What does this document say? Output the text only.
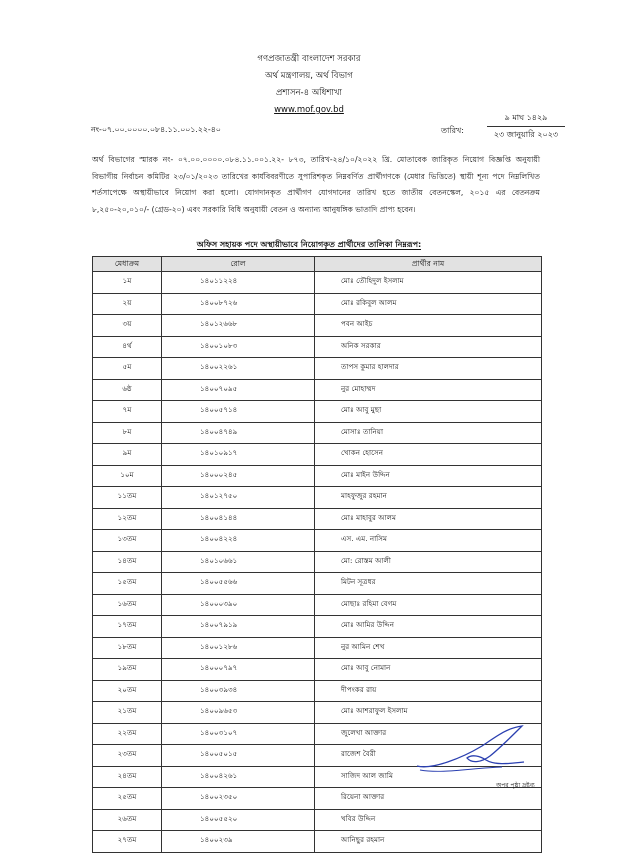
গণপ্রজাতন্ত্রী বাংলাদেশ সরকার
অর্থ মন্ত্রণালয়, অর্থ বিভাগ
প্রশাসন-৪ অধিশাখা
www.mof.gov.bd
নং-০৭.০০.০০০০.০৮৪.১১.০০১.২২-৪০	তারিখ:
৯ মাঘ ১৪২৯
২৩ জানুয়ারি ২০২৩
অর্থ বিভাগের স্মারক নং- ০৭.০০.০০০০.০৮৪.১১.০০১.২২- ৮৭৩, তারিখ-২৪/১০/২০২২ খ্রি. মোতাবেক জারিকৃত নিয়োগ বিজ্ঞপ্তি অনুযায়ী বিভাগীয় নির্বাচন কমিটির ২৩/০১/২০২৩ তারিখের কার্যবিবরণীতে সুপারিশকৃত নিম্নবর্ণিত প্রার্থীগণকে (মেধার ভিত্তিতে) স্থায়ী শূন্য পদে নিম্নলিখিত শর্তসাপেক্ষে অস্থায়ীভাবে নিয়োগ করা হলো। যোগদানকৃত প্রার্থীগণ যোগদানের তারিখ হতে জাতীয় বেতনস্কেল, ২০১৫ এর বেতনক্রম ৮,২৫০-২০,০১০/- (গ্রেড-২০) এবং সরকারি বিধি অনুযায়ী বেতন ও অন্যান্য আনুষঙ্গিক ভাতাদি প্রাপ্য হবেন।
অফিস সহায়ক পদে অস্থায়ীভাবে নিয়োগকৃত প্রার্থীদের তালিকা নিম্নরূপ:
মেধাক্রম	রোল	প্রার্থীর নাম
১ম	১৪০১১২২৪	মোঃ তৌহিদুল ইসলাম
২য়	১৪০০৮৭২৬	মোঃ রকিবুল আলম
৩য়	১৪০১২৬৬৮	পবন আইচ
৪র্থ	১৪০০১০৮৩	অনিক সরকার
৫ম	১৪০০২২৬১	তাপস কুমার হালদার
৬ষ্ঠ	১৪০০৭০৯৫	নুর মোহাম্মদ
৭ম	১৪০০৫৭১৪	মোঃ আবু মুছা
৮ম	১৪০০৪৭৪৯	মোসাঃ তানিয়া
৯ম	১৪০১০৯১৭	খোকন হোসেন
১০ম	১৪০০০২৪৫	মোঃ মাইন উদ্দিন
১১তম	১৪০১২৭৫০	মাহফুজুর রহমান
১২তম	১৪০০৪১৪৪	মোঃ মাহাবুর আলম
১৩তম	১৪০০৪২২৪	এস. এম. নাসিম
১৪তম	১৪০১০৬৬১	মো: রোস্তম আলী
১৫তম	১৪০০৫৫৬৬	মিটন সূত্রধর
১৬তম	১৪০০০৩৯০	মোছাঃ রহিমা বেগম
১৭তম	১৪০০৭৯১৯	মোঃ আমির উদ্দিন
১৮তম	১৪০০১২৮৬	নুর আমিন শেখ
১৯তম	১৪০০০৭৯৭	মোঃ আবু নোমান
২০তম	১৪০০৩৯৩৪	দীপংকর রায়
২১তম	১৪০০৯৬৫৩	মোঃ আশরাফুল ইসলাম
২২তম	১৪০০৩১০৭	জুলেখা আক্তার
২৩তম	১৪০০৫০১৫	রাজেশ বৈরী
২৪তম	১৪০০৪২৬১	সাজিদ আল জামি
২৫তম	১৪০০২৩৫০	রিয়েনা আক্তার
২৬তম	১৪০০৫৫২০	খবির উদ্দিন
২৭তম	১৪০০২৩৯	আনিছুর রহমান
অপর পৃষ্ঠা দ্রষ্টব্য
